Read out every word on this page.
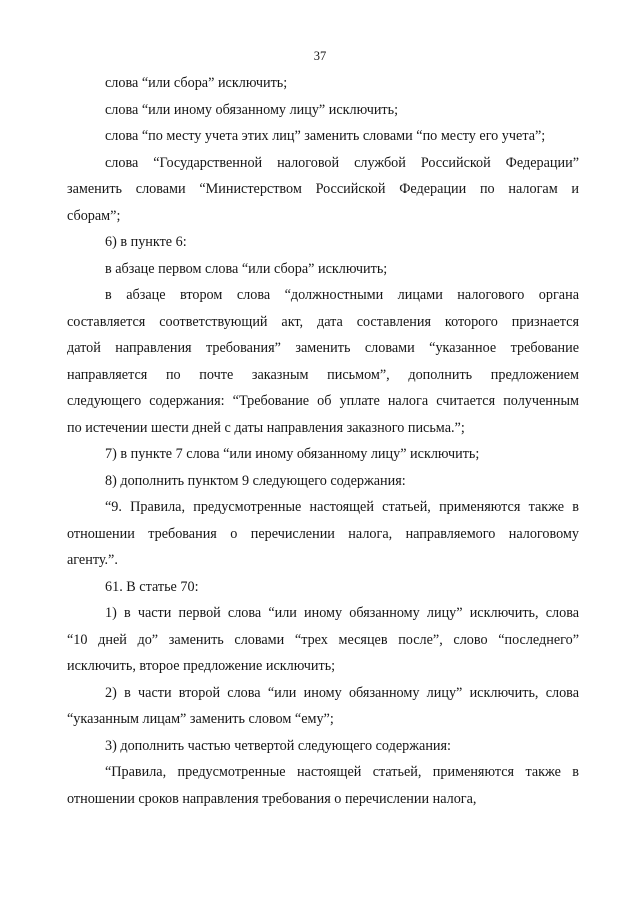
37
слова “или сбора” исключить;
слова “или иному обязанному лицу” исключить;
слова “по месту учета этих лиц” заменить словами “по месту его учета”;
слова “Государственной налоговой службой Российской Федерации”
заменить словами “Министерством Российской Федерации по налогам и
сборам”;
6) в пункте 6:
в абзаце первом слова “или сбора” исключить;
в абзаце втором слова “должностными лицами налогового органа
составляется соответствующий акт, дата составления которого признается
датой направления требования” заменить словами “указанное требование
направляется по почте заказным письмом”, дополнить предложением
следующего содержания: “Требование об уплате налога считается полученным
по истечении шести дней с даты направления заказного письма.”;
7) в пункте 7 слова “или иному обязанному лицу” исключить;
8) дополнить пунктом 9 следующего содержания:
“9. Правила, предусмотренные настоящей статьей, применяются также в
отношении требования о перечислении налога, направляемого налоговому
агенту.”.
61. В статье 70:
1) в части первой слова “или иному обязанному лицу” исключить, слова
“10 дней до” заменить словами “трех месяцев после”, слово “последнего”
исключить, второе предложение исключить;
2) в части второй слова “или иному обязанному лицу” исключить, слова
“указанным лицам” заменить словом “ему”;
3) дополнить частью четвертой следующего содержания:
“Правила, предусмотренные настоящей статьей, применяются также в
отношении сроков направления требования о перечислении налога,
